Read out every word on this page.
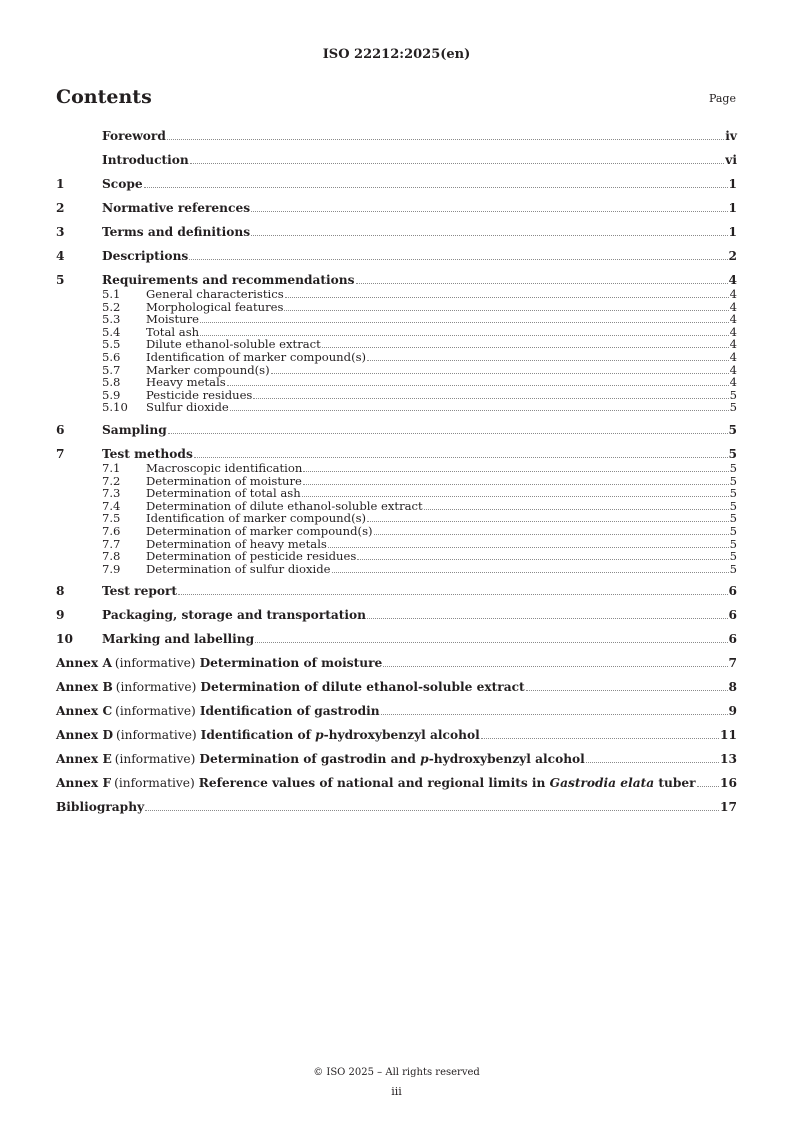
ISO 22212:2025(en)
Contents	Page
Foreword	iv
Introduction	vi
1	Scope	1
2	Normative references	1
3	Terms and definitions	1
4	Descriptions	2
5	Requirements and recommendations	4
5.1	General characteristics	4
5.2	Morphological features	4
5.3	Moisture	4
5.4	Total ash	4
5.5	Dilute ethanol-soluble extract	4
5.6	Identification of marker compound(s)	4
5.7	Marker compound(s)	4
5.8	Heavy metals	4
5.9	Pesticide residues	5
5.10	Sulfur dioxide	5
6	Sampling	5
7	Test methods	5
7.1	Macroscopic identification	5
7.2	Determination of moisture	5
7.3	Determination of total ash	5
7.4	Determination of dilute ethanol-soluble extract	5
7.5	Identification of marker compound(s)	5
7.6	Determination of marker compound(s)	5
7.7	Determination of heavy metals	5
7.8	Determination of pesticide residues	5
7.9	Determination of sulfur dioxide	5
8	Test report	6
9	Packaging, storage and transportation	6
10	Marking and labelling	6
Annex A (informative) Determination of moisture	7
Annex B (informative) Determination of dilute ethanol-soluble extract	8
Annex C (informative) Identification of gastrodin	9
Annex D (informative) Identification of p-hydroxybenzyl alcohol	11
Annex E (informative) Determination of gastrodin and p-hydroxybenzyl alcohol	13
Annex F (informative) Reference values of national and regional limits in Gastrodia elata tuber 16
Bibliography	17
© ISO 2025 – All rights reserved
iii
